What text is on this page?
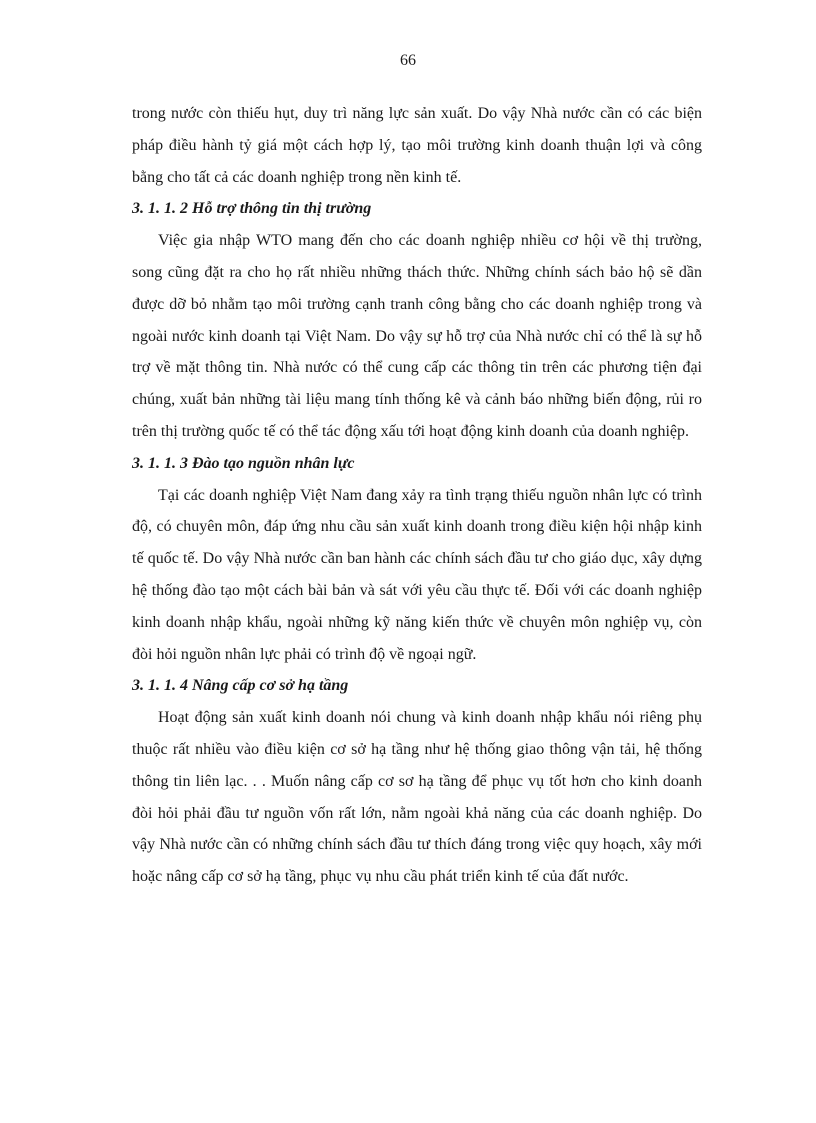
66

trong nước còn thiếu hụt, duy trì năng lực sản xuất. Do vậy Nhà nước cần có các biện pháp điều hành tỷ giá một cách hợp lý, tạo môi trường kinh doanh thuận lợi và công bằng cho tất cả các doanh nghiệp trong nền kinh tế.

3. 1. 1. 2 Hỗ trợ thông tin thị trường

Việc gia nhập WTO mang đến cho các doanh nghiệp nhiều cơ hội về thị trường, song cũng đặt ra cho họ rất nhiều những thách thức. Những chính sách bảo hộ sẽ dần được dỡ bỏ nhằm tạo môi trường cạnh tranh công bằng cho các doanh nghiệp trong và ngoài nước kinh doanh tại Việt Nam. Do vậy sự hỗ trợ của Nhà nước chỉ có thể là sự hỗ trợ về mặt thông tin. Nhà nước có thể cung cấp các thông tin trên các phương tiện đại chúng, xuất bản những tài liệu mang tính thống kê và cảnh báo những biến động, rủi ro trên thị trường quốc tế có thể tác động xấu tới hoạt động kinh doanh của doanh nghiệp.

3. 1. 1. 3 Đào tạo nguồn nhân lực

Tại các doanh nghiệp Việt Nam đang xảy ra tình trạng thiếu nguồn nhân lực có trình độ, có chuyên môn, đáp ứng nhu cầu sản xuất kinh doanh trong điều kiện hội nhập kinh tế quốc tế. Do vậy Nhà nước cần ban hành các chính sách đầu tư cho giáo dục, xây dựng hệ thống đào tạo một cách bài bản và sát với yêu cầu thực tế. Đối với các doanh nghiệp kinh doanh nhập khẩu, ngoài những kỹ năng kiến thức về chuyên môn nghiệp vụ, còn đòi hỏi nguồn nhân lực phải có trình độ về ngoại ngữ.

3. 1. 1. 4 Nâng cấp cơ sở hạ tầng

Hoạt động sản xuất kinh doanh nói chung và kinh doanh nhập khẩu nói riêng phụ thuộc rất nhiều vào điều kiện cơ sở hạ tầng như hệ thống giao thông vận tải, hệ thống thông tin liên lạc. . . Muốn nâng cấp cơ sơ hạ tầng để phục vụ tốt hơn cho kinh doanh đòi hỏi phải đầu tư nguồn vốn rất lớn, nằm ngoài khả năng của các doanh nghiệp. Do vậy Nhà nước cần có những chính sách đầu tư thích đáng trong việc quy hoạch, xây mới hoặc nâng cấp cơ sở hạ tầng, phục vụ nhu cầu phát triển kinh tế của đất nước.
